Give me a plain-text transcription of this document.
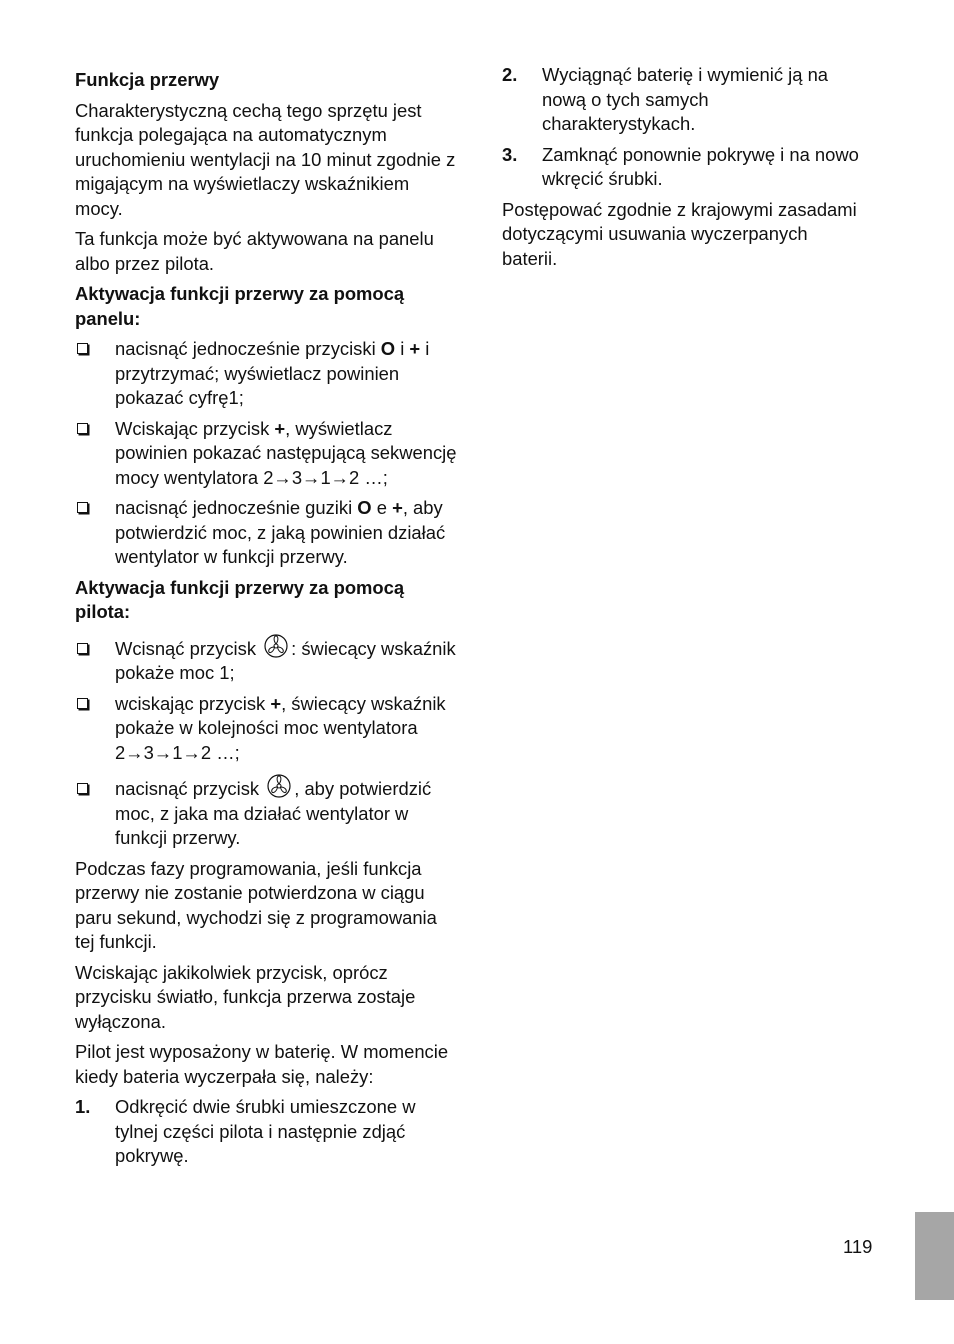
Funkcja przerwy

Charakterystyczną cechą tego sprzętu jest funkcja polegająca na automatycznym uruchomieniu wentylacji na 10 minut zgodnie z migającym na wyświetlaczy wskaźnikiem mocy.

Ta funkcja może być aktywowana na panelu albo przez pilota.

Aktywacja funkcji przerwy za pomocą panelu:
nacisnąć jednocześnie przyciski O i + i przytrzymać; wyświetlacz powinien pokazać cyfrę1;
Wciskając przycisk +, wyświetlacz powinien pokazać następującą sekwencję mocy wentylatora 2→3→1→2 …;
nacisnąć jednocześnie guziki O e +, aby potwierdzić moc, z jaką powinien działać wentylator w funkcji przerwy.
Aktywacja funkcji przerwy za pomocą pilota:
Wcisnąć przycisk : świecący wskaźnik pokaże moc 1;
wciskając przycisk +, świecący wskaźnik pokaże w kolejności moc wentylatora 2→3→1→2 …;
nacisnąć przycisk , aby potwierdzić moc, z jaka ma działać wentylator w funkcji przerwy.

Podczas fazy programowania, jeśli funkcja przerwy nie zostanie potwierdzona w ciągu paru sekund, wychodzi się z programowania tej funkcji.

Wciskając jakikolwiek przycisk, oprócz przycisku światło, funkcja przerwa zostaje wyłączona.

Pilot jest wyposażony w baterię. W momencie kiedy bateria wyczerpała się, należy:

1. Odkręcić dwie śrubki umieszczone w tylnej części pilota i następnie zdjąć pokrywę.
2. Wyciągnąć baterię i wymienić ją na nową o tych samych charakterystykach.
3. Zamknąć ponownie pokrywę i na nowo wkręcić śrubki.

Postępować zgodnie z krajowymi zasadami dotyczącymi usuwania wyczerpanych baterii.

119
